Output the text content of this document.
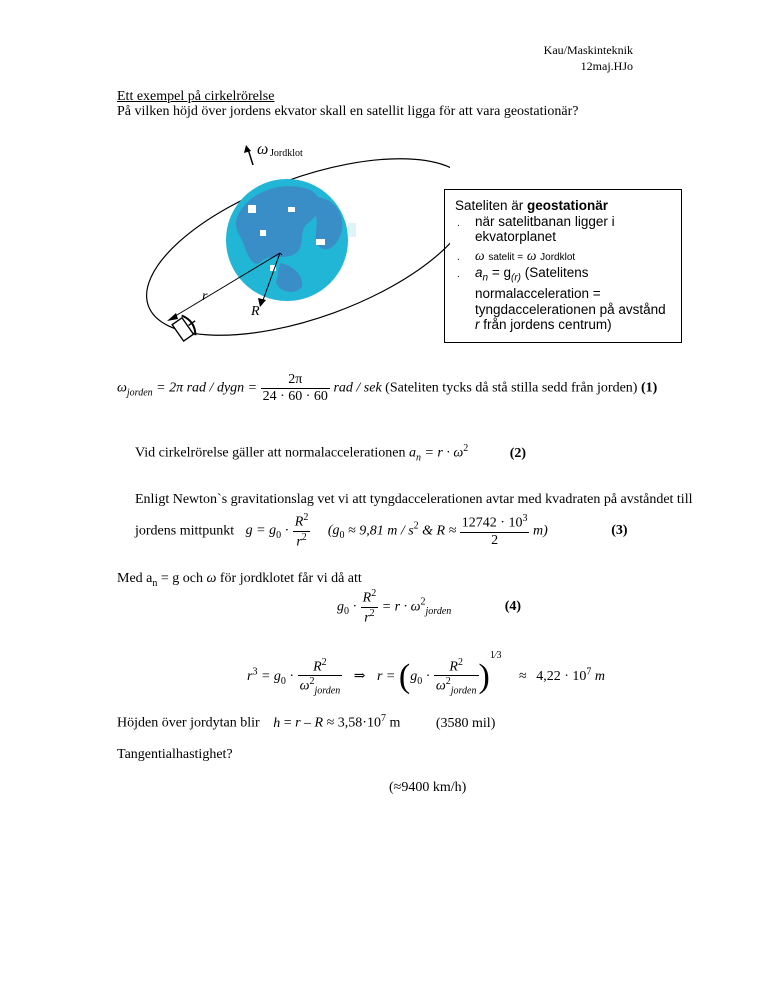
Kau/Maskinteknik
12maj.HJo
Ett exempel på cirkelrörelse
På vilken höjd över jordens ekvator skall en satellit ligga för att vara geostationär?
ω Jordklot
r
R
Sateliten är geostationär
. när satelitbanan ligger i ekvatorplanet
. ω satelit = ω Jordklot
. $a_n = g_{(r)}$ (Satelitens normalacceleration = tyngdaccelerationen på avstånd r från jordens centrum)
$\omega_{jorden} = 2\pi$ rad / dygn = $\frac{2\pi}{24 \cdot 60 \cdot 60}$ rad / sek (Sateliten tycks då stå stilla sedd från jorden) (1)
Vid cirkelrörelse gäller att normalaccelerationen $a_n = r \cdot \omega^2$	(2)
Enligt Newton`s gravitationslag vet vi att tyngdaccelerationen avtar med kvadraten på avståndet till
jordens mittpunkt $g = g_0 \cdot \frac{R^2}{r^2} (g_0 \approx 9,81$ m / $s^2$ & $R \approx \frac{12742 \cdot 10^3}{2} m$)	(3)
Med $a_n = g$ och ω för jordklotet får vi då att
$g_0 \cdot \frac{R^2}{r^2} = r \cdot \omega^2_{jorden}$	(4)
$r^3 = g_0 \cdot \frac{R^2}{\omega^2_{jorden}}$ ⇒ $r = (g_0 \cdot \frac{R^2}{\omega^2_{jorden}} )^{1⁄3} \approx 4,22 \cdot 10^7$ m
Höjden över jordytan blir $h = r - R \approx 3,58\cdot 10^7$ m	(3580 mil)
Tangentialhastighet?
(≈9400 km/h)
